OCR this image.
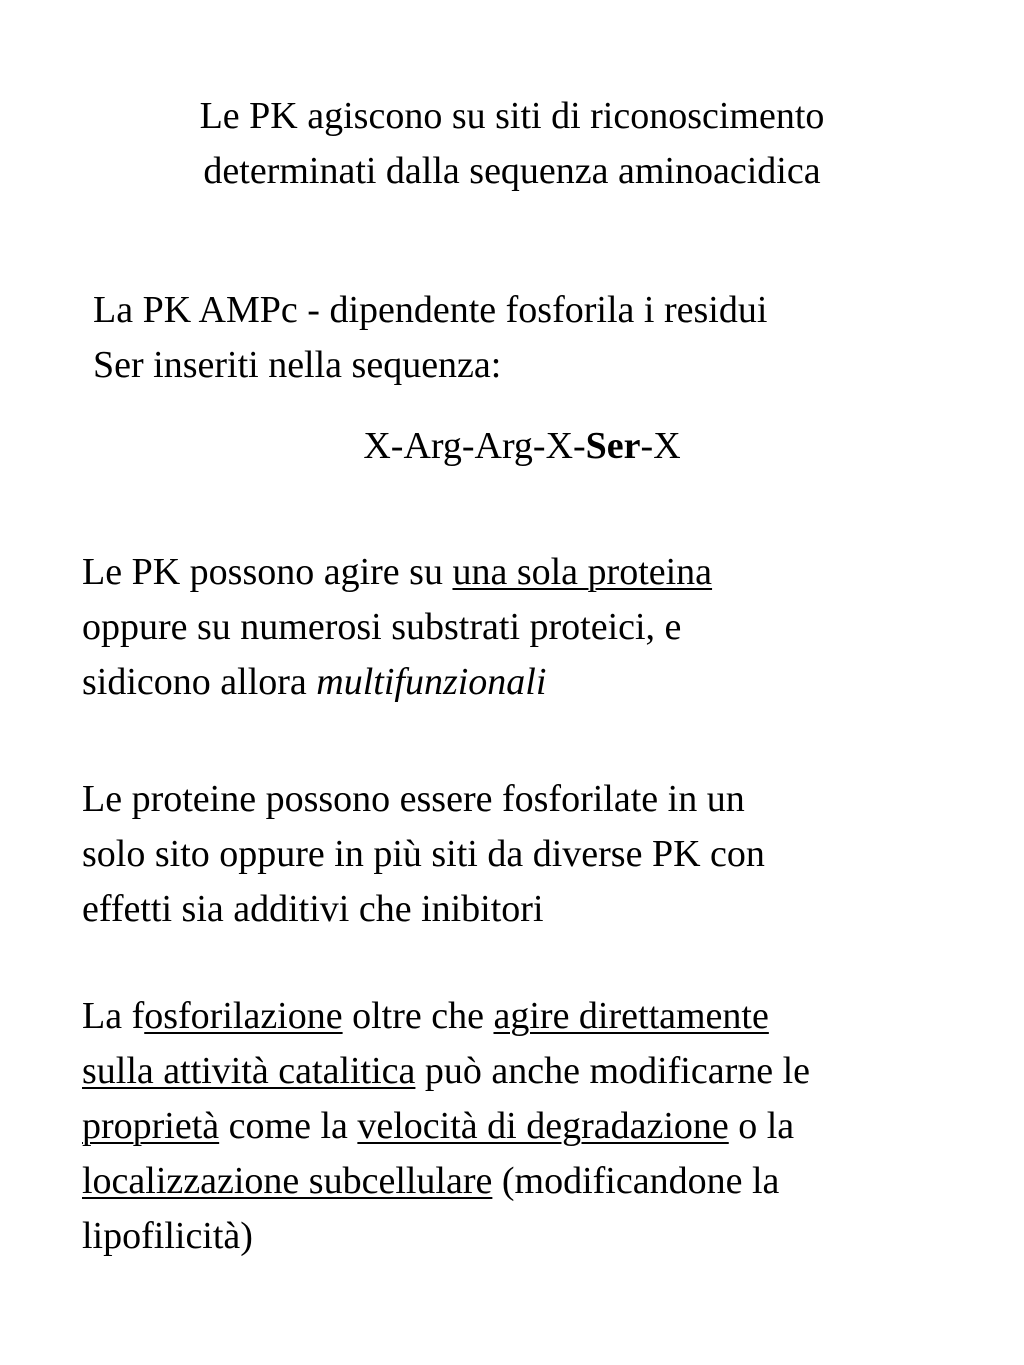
Le PK agiscono su siti di riconoscimento
determinati dalla sequenza aminoacidica
La PK AMPc - dipendente fosforila i residui
Ser inseriti nella sequenza:
X-Arg-Arg-X-Ser-X
Le PK possono agire su una sola proteina
oppure su numerosi substrati proteici, e
sidicono allora multifunzionali
Le proteine possono essere fosforilate in un
solo sito oppure in più siti da diverse PK con
effetti sia additivi che inibitori
La fosforilazione oltre che agire direttamente
sulla attività catalitica può anche modificarne le
proprietà come la velocità di degradazione o la
localizzazione subcellulare (modificandone la
lipofilicità)
